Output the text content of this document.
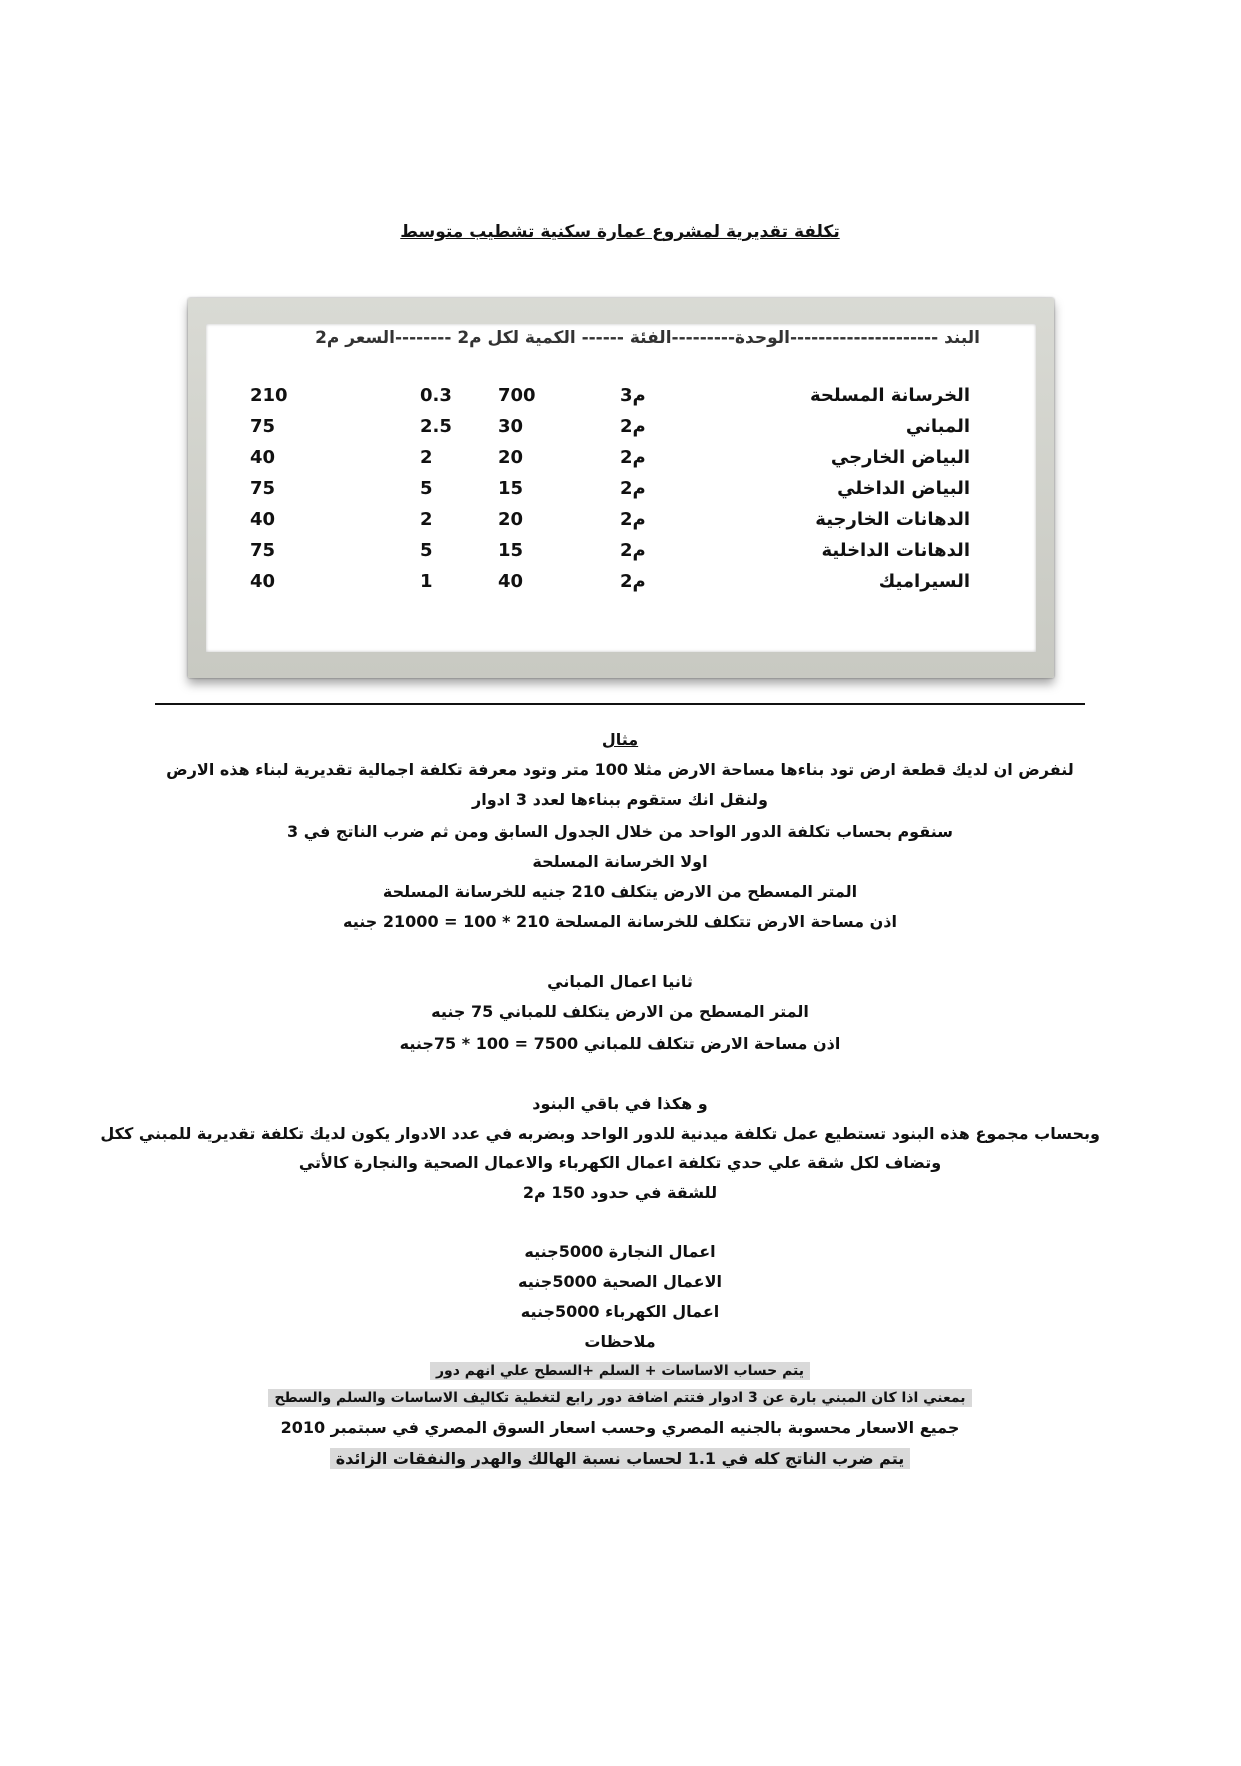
تكلفة تقديرية لمشروع عمارة سكنية تشطيب متوسط
البند ---------------------الوحدة---------الفئة ------ الكمية لكل م2 --------السعر م2
الخرسانة المسلحة
م3
700
0.3
210
المباني
م2
30
2.5
75
البياض الخارجي
م2
20
2
40
البياض الداخلي
م2
15
5
75
الدهانات الخارجية
م2
20
2
40
الدهانات الداخلية
م2
15
5
75
السيراميك
م2
40
1
40
مثال
لنفرض ان لديك قطعة ارض تود بناءها مساحة الارض مثلا 100 متر وتود معرفة تكلفة اجمالية تقديرية لبناء هذه الارض
ولنقل انك ستقوم ببناءها لعدد 3 ادوار
سنقوم بحساب تكلفة الدور الواحد من خلال الجدول السابق ومن ثم ضرب الناتج في 3
اولا الخرسانة المسلحة
المتر المسطح من الارض يتكلف 210 جنيه للخرسانة المسلحة
اذن مساحة الارض تتكلف للخرسانة المسلحة 210 * 100 = 21000 جنيه
ثانيا اعمال المباني
المتر المسطح من الارض يتكلف للمباني 75 جنيه
اذن مساحة الارض تتكلف للمباني 7500 = 100 * 75جنيه
و هكذا في باقي البنود
وبحساب مجموع هذه البنود تستطيع عمل تكلفة ميدنية للدور الواحد وبضربه في عدد الادوار يكون لديك تكلفة تقديرية للمبني ككل
وتضاف لكل شقة علي حدي تكلفة اعمال الكهرباء والاعمال الصحية والنجارة كالأتي
للشقة في حدود 150 م2
اعمال النجارة 5000جنيه
الاعمال الصحية 5000جنيه
اعمال الكهرباء 5000جنيه
ملاحظات
يتم حساب الاساسات + السلم +السطح علي انهم دور
بمعني اذا كان المبني بارة عن 3 ادوار فتتم اضافة دور رابع لتغطية تكاليف الاساسات والسلم والسطح
جميع الاسعار محسوبة بالجنيه المصري وحسب اسعار السوق المصري في سبتمبر 2010
يتم ضرب الناتج كله في 1.1 لحساب نسبة الهالك والهدر والنفقات الزائدة
